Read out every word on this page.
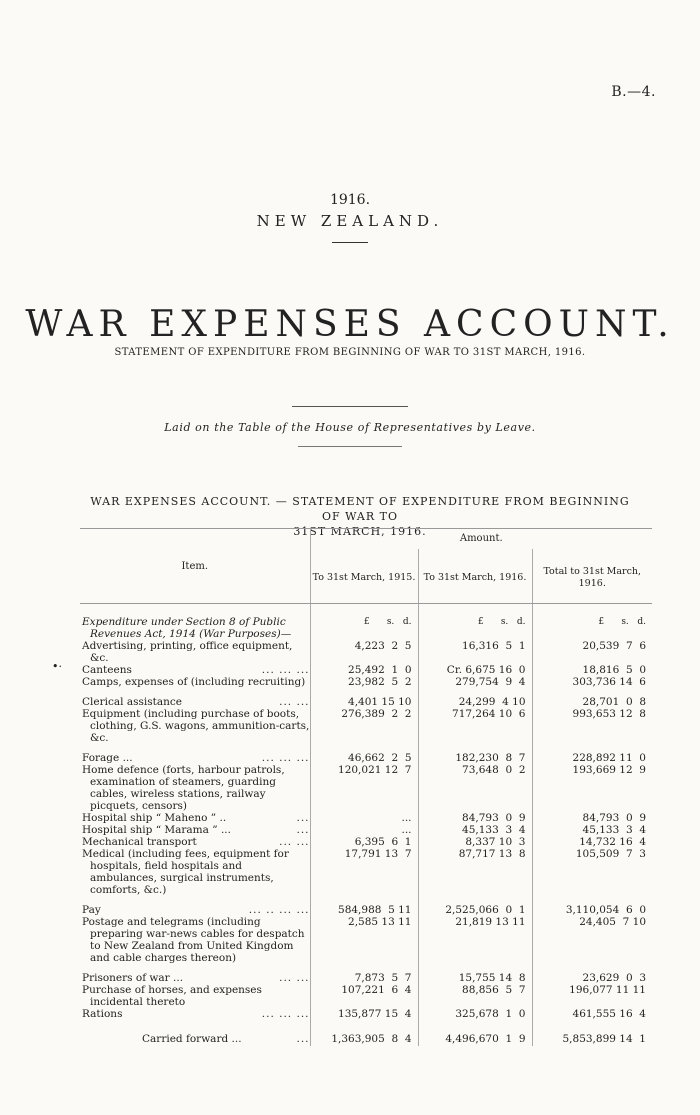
B.—4.
1916.
NEW ZEALAND.
WAR EXPENSES ACCOUNT.
STATEMENT OF EXPENDITURE FROM BEGINNING OF WAR TO 31ST MARCH, 1916.
Laid on the Table of the House of Representatives by Leave.
WAR EXPENSES ACCOUNT. — STATEMENT OF EXPENDITURE FROM BEGINNING OF WAR TO
31ST MARCH, 1916.
•·

Item.	Amount.		
	To 31st March, 1915.	To 31st March, 1916.	Total to 31st March, 1916.

Expenditure under Section 8 of Public Revenues Act, 1914 (War Purposes)—	£      s.   d.	£      s.   d.	£      s.   d.

Advertising, printing, office equipment, &c.	4,223  2  5	16,316  5  1	20,539  7  6

... ... ...
Canteens	25,492  1  0	Cr. 6,675 16  0	18,816  5  0

Camps, expenses of (including recruiting)	23,982  5  2	279,754  9  4	303,736 14  6

... ...
Clerical assistance	4,401 15 10	24,299  4 10	28,701  0  8

Equipment (including purchase of boots, clothing, G.S. wagons, ammunition-carts, &c.	276,389  2  2	717,264 10  6	993,653 12  8

... ... ...
Forage ...	46,662  2  5	182,230  8  7	228,892 11  0

Home defence (forts, harbour patrols, examination of steamers, guarding cables, wireless stations, railway picquets, censors)	120,021 12  7	73,648  0  2	193,669 12  9

...
Hospital ship “ Maheno ” ..	...	84,793  0  9	84,793  0  9

...
Hospital ship “ Marama ” ...	...	45,133  3  4	45,133  3  4

... ...
Mechanical transport	6,395  6  1	8,337 10  3	14,732 16  4

Medical (including fees, equipment for hospitals, field hospitals and ambulances, surgical instruments, comforts, &c.)	17,791 13  7	87,717 13  8	105,509  7  3

... .. ... ...
Pay	584,988  5 11	2,525,066  0  1	3,110,054  6  0

Postage and telegrams (including preparing war-news cables for despatch to New Zealand from United Kingdom and cable charges thereon)	2,585 13 11	21,819 13 11	24,405  7 10

... ...
Prisoners of war ...	7,873  5  7	15,755 14  8	23,629  0  3

Purchase of horses, and expenses incidental thereto	107,221  6  4	88,856  5  7	196,077 11 11

... ... ...
Rations	135,877 15  4	325,678  1  0	461,555 16  4

...
Carried forward ...	1,363,905  8  4	4,496,670  1  9	5,853,899 14  1
